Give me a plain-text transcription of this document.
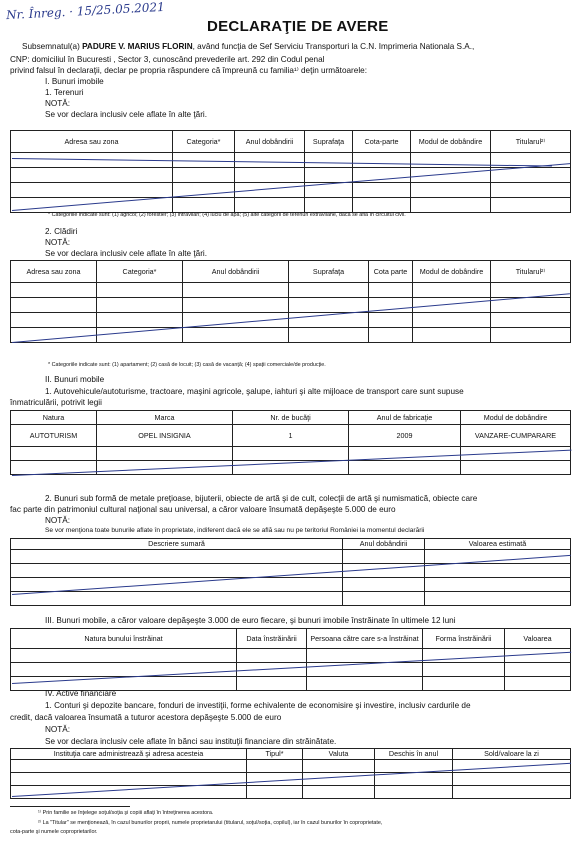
Nr. Înreg. · 15/25.05.2021
DECLARAŢIE DE AVERE
Subsemnatul(a) PADURE V. MARIUS FLORIN, având funcţia de Sef Serviciu Transporturi la C.N. Imprimeria Nationala S.A.,
CNP: domiciliul în Bucuresti , Sector 3, cunoscând prevederile art. 292 din Codul penal
privind falsul în declaraţii, declar pe propria răspundere că împreună cu familia¹⁾ deţin următoarele:
I. Bunuri imobile
1. Terenuri
NOTĂ:
Se vor declara inclusiv cele aflate în alte ţări.
Adresa sau zona	Categoria*	Anul dobândirii	Suprafaţa	Cota-parte	Modul de dobândire	Titularul²⁾

* Categoriile indicate sunt: (1) agricol; (2) forestier; (3) intravilan; (4) luciu de apă; (5) alte categorii de terenuri extravilane, dacă se află în circuitul civil.
2. Clădiri
NOTĂ:
Se vor declara inclusiv cele aflate în alte ţări.
Adresa sau zona	Categoria*	Anul dobândirii	Suprafaţa	Cota parte	Modul de dobândire	Titularul²⁾

* Categoriile indicate sunt: (1) apartament; (2) casă de locuit; (3) casă de vacanţă; (4) spaţii comerciale/de producţie.
II. Bunuri mobile
1. Autovehicule/autoturisme, tractoare, maşini agricole, şalupe, iahturi şi alte mijloace de transport care sunt supuse
înmatriculării, potrivit legii
Natura	Marca	Nr. de bucăţi	Anul de fabricaţie	Modul de dobândire
AUTOTURISM	OPEL INSIGNIA	1	2009	VANZARE-CUMPARARE

2. Bunuri sub formă de metale preţioase, bijuterii, obiecte de artă şi de cult, colecţii de artă şi numismatică, obiecte care
fac parte din patrimoniul cultural naţional sau universal, a căror valoare însumată depăşeşte 5.000 de euro
NOTĂ:
Se vor menţiona toate bunurile aflate în proprietate, indiferent dacă ele se află sau nu pe teritoriul României la momentul declarării
Descriere sumară	Anul dobândirii	Valoarea estimată

III. Bunuri mobile, a căror valoare depăşeşte 3.000 de euro fiecare, şi bunuri imobile înstrăinate în ultimele 12 luni
Natura bunului înstrăinat	Data înstrăinării	Persoana către care s-a înstrăinat	Forma înstrăinării	Valoarea

IV. Active financiare
1. Conturi şi depozite bancare, fonduri de investiţii, forme echivalente de economisire şi investire, inclusiv cardurile de
credit, dacă valoarea însumată a tuturor acestora depăşeşte 5.000 de euro
NOTĂ:
Se vor declara inclusiv cele aflate în bănci sau instituţii financiare din străinătate.
Instituţia care administrează şi adresa acesteia	Tipul*	Valuta	Deschis în anul	Sold/valoare la zi

¹⁾ Prin familie se înţelege soţul/soţia şi copiii aflaţi în întreţinerea acestora.
²⁾ La "Titular" se menţionează, în cazul bunurilor proprii, numele proprietarului (titularul, soţul/soţia, copilul), iar în cazul bunurilor în coproprietate,
cota-parte şi numele coproprietarilor.
